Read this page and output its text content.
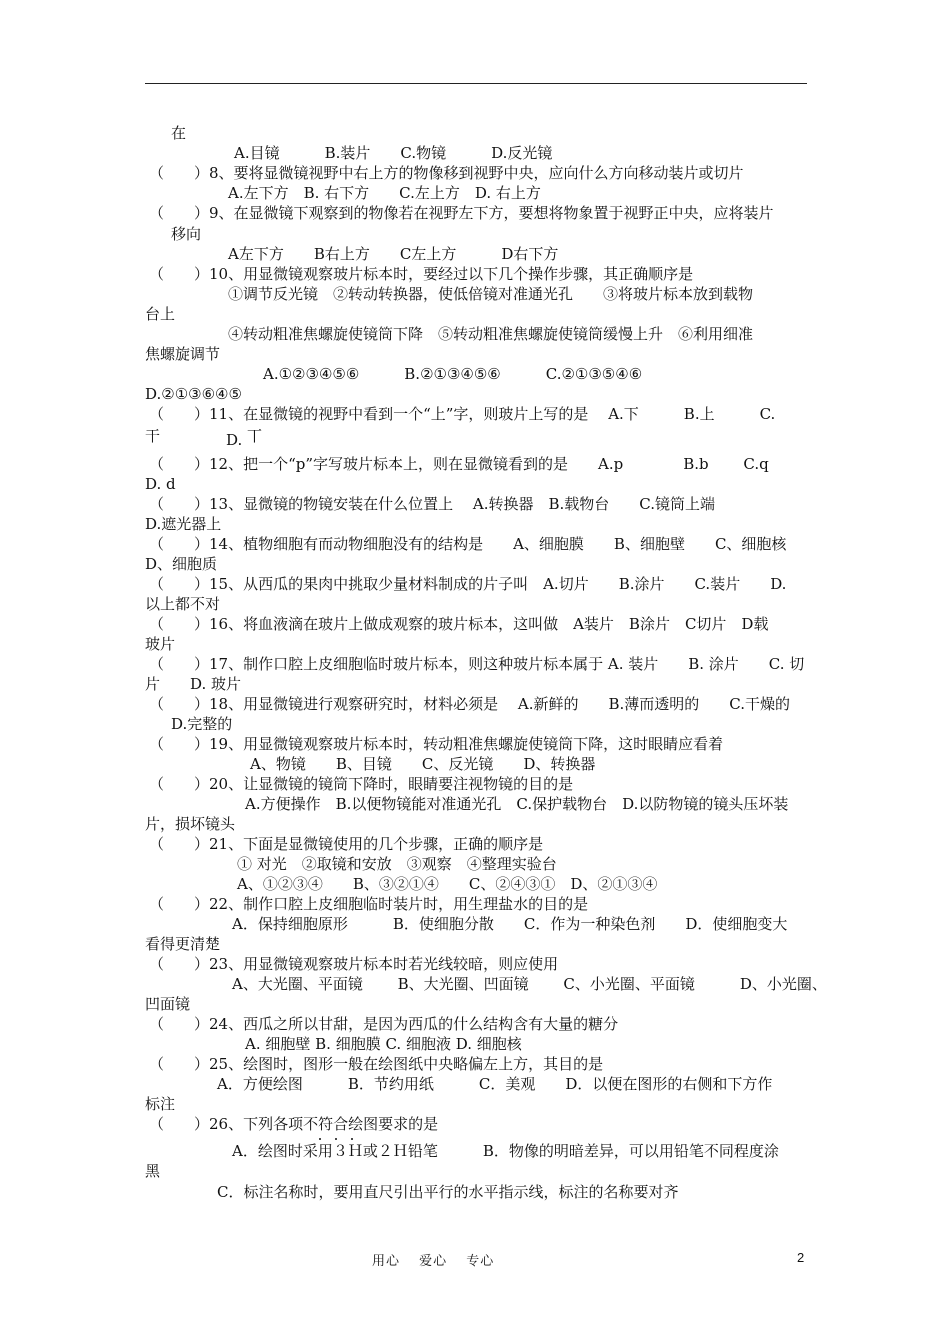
在
A.目镜　　　B.装片　　C.物镜　　　D.反光镜
（　　）8、要将显微镜视野中右上方的物像移到视野中央，应向什么方向移动装片或切片
A.左下方　B. 右下方　　C.左上方　D. 右上方
（　　）9、在显微镜下观察到的物像若在视野左下方，要想将物象置于视野正中央，应将装片
移向
A左下方　　B右上方　　C左上方　　　D右下方
（　　）10、用显微镜观察玻片标本时，要经过以下几个操作步骤，其正确顺序是
①调节反光镜　②转动转换器，使低倍镜对准通光孔　　③将玻片标本放到载物
台上
④转动粗准焦螺旋使镜筒下降　⑤转动粗准焦螺旋使镜筒缓慢上升　⑥利用细准
焦螺旋调节
A.①②③④⑤⑥　　　B.②①③④⑤⑥　　　C.②①③⑤④⑥
D.②①③⑥④⑤
（　　）11、在显微镜的视野中看到一个“上”字，则玻片上写的是　 A.下　　　B.上　　　C.
干	D. 丅
（　　）12、把一个“p”字写玻片标本上，则在显微镜看到的是　　A.p　　　　B.b　　 C.q
D. d
（　　）13、显微镜的物镜安装在什么位置上　 A.转换器　B.载物台　　C.镜筒上端
D.遮光器上
（　　）14、植物细胞有而动物细胞没有的结构是　　A、细胞膜　　B、细胞壁　　C、细胞核
D、细胞质
（　　）15、从西瓜的果肉中挑取少量材料制成的片子叫　A.切片　　B.涂片　　C.装片　　D.
以上都不对
（　　）16、将血液滴在玻片上做成观察的玻片标本，这叫做　A装片　B涂片　C切片　D载
玻片
（　　）17、制作口腔上皮细胞临时玻片标本，则这种玻片标本属于 A. 装片　　B. 涂片　　C. 切
片　　D. 玻片
（　　）18、用显微镜进行观察研究时，材料必须是　 A.新鲜的　　B.薄而透明的　　C.干燥的
D.完整的
（　　）19、用显微镜观察玻片标本时，转动粗准焦螺旋使镜筒下降，这时眼睛应看着
A、物镜　　B、目镜　　C、反光镜　　D、转换器
（　　）20、让显微镜的镜筒下降时，眼睛要注视物镜的目的是
A.方便操作　B.以便物镜能对准通光孔　C.保护载物台　D.以防物镜的镜头压坏装
片，损坏镜头
（　　）21、下面是显微镜使用的几个步骤，正确的顺序是
① 对光　②取镜和安放　③观察　④整理实验台
A、①②③④　　B、③②①④　　C、②④③①　D、②①③④
（　　）22、制作口腔上皮细胞临时装片时，用生理盐水的目的是
A．保持细胞原形　　　B．使细胞分散　　C．作为一种染色剂　　D．使细胞变大
看得更清楚
（　　）23、用显微镜观察玻片标本时若光线较暗，则应使用
A、大光圈、平面镜　　 B、大光圈、凹面镜　　 C、小光圈、平面镜　　　D、小光圈、
凹面镜
（　　）24、西瓜之所以甘甜，是因为西瓜的什么结构含有大量的糖分
A. 细胞壁 B. 细胞膜 C. 细胞液 D. 细胞核
（　　）25、绘图时，图形一般在绘图纸中央略偏左上方，其目的是
A．方便绘图　　　B．节约用纸　　　C．美观　　D．以便在图形的右侧和下方作
标注
（　　）26、下列各项不符合绘图要求的是
A．绘图时采用３Ｈ或２Ｈ铅笔　　　B．物像的明暗差异，可以用铅笔不同程度涂
黑
C．标注名称时，要用直尺引出平行的水平指示线，标注的名称要对齐
用心　 爱心　 专心	2
